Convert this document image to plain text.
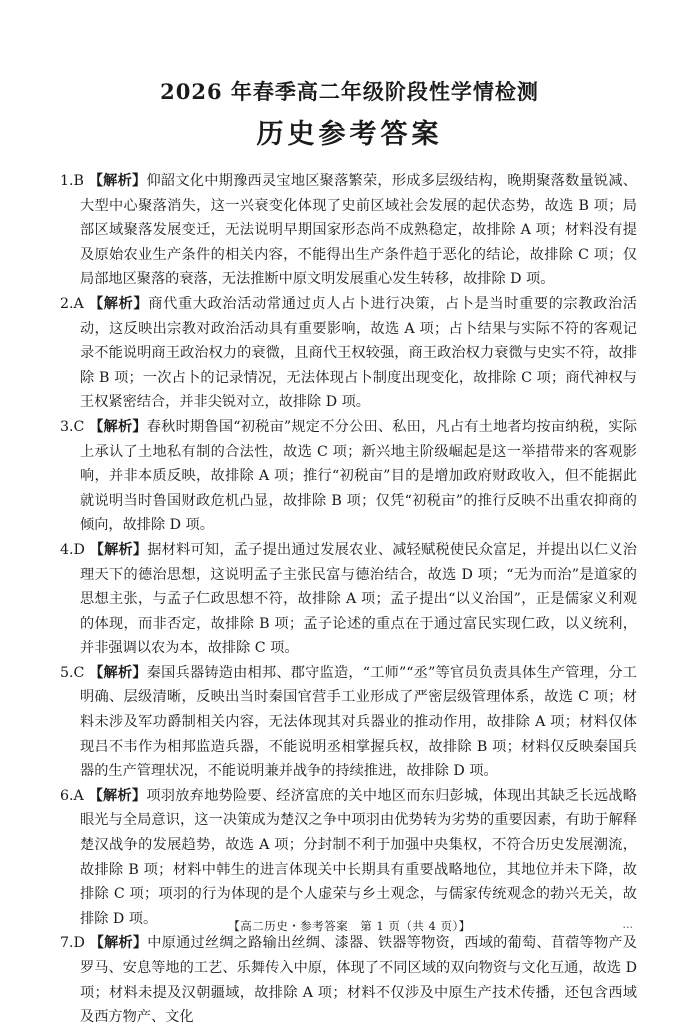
2026 年春季高二年级阶段性学情检测
历史参考答案
1.B 【解析】仰韶文化中期豫西灵宝地区聚落繁荣，形成多层级结构，晚期聚落数量锐减、大型中心聚落消失，这一兴衰变化体现了史前区域社会发展的起伏态势，故选 B 项；局部区域聚落发展变迁，无法说明早期国家形态尚不成熟稳定，故排除 A 项；材料没有提及原始农业生产条件的相关内容，不能得出生产条件趋于恶化的结论，故排除 C 项；仅局部地区聚落的衰落，无法推断中原文明发展重心发生转移，故排除 D 项。
2.A 【解析】商代重大政治活动常通过贞人占卜进行决策，占卜是当时重要的宗教政治活动，这反映出宗教对政治活动具有重要影响，故选 A 项；占卜结果与实际不符的客观记录不能说明商王政治权力的衰微，且商代王权较强，商王政治权力衰微与史实不符，故排除 B 项；一次占卜的记录情况，无法体现占卜制度出现变化，故排除 C 项；商代神权与王权紧密结合，并非尖锐对立，故排除 D 项。
3.C 【解析】春秋时期鲁国“初税亩”规定不分公田、私田，凡占有土地者均按亩纳税，实际上承认了土地私有制的合法性，故选 C 项；新兴地主阶级崛起是这一举措带来的客观影响，并非本质反映，故排除 A 项；推行“初税亩”目的是增加政府财政收入，但不能据此就说明当时鲁国财政危机凸显，故排除 B 项；仅凭“初税亩”的推行反映不出重农抑商的倾向，故排除 D 项。
4.D 【解析】据材料可知，孟子提出通过发展农业、减轻赋税使民众富足，并提出以仁义治理天下的德治思想，这说明孟子主张民富与德治结合，故选 D 项；“无为而治”是道家的思想主张，与孟子仁政思想不符，故排除 A 项；孟子提出“以义治国”，正是儒家义利观的体现，而非否定，故排除 B 项；孟子论述的重点在于通过富民实现仁政，以义统利，并非强调以农为本，故排除 C 项。
5.C 【解析】秦国兵器铸造由相邦、郡守监造，“工师”“丞”等官员负责具体生产管理，分工明确、层级清晰，反映出当时秦国官营手工业形成了严密层级管理体系，故选 C 项；材料未涉及军功爵制相关内容，无法体现其对兵器业的推动作用，故排除 A 项；材料仅体现吕不韦作为相邦监造兵器，不能说明丞相掌握兵权，故排除 B 项；材料仅反映秦国兵器的生产管理状况，不能说明兼并战争的持续推进，故排除 D 项。
6.A 【解析】项羽放弃地势险要、经济富庶的关中地区而东归彭城，体现出其缺乏长远战略眼光与全局意识，这一决策成为楚汉之争中项羽由优势转为劣势的重要因素，有助于解释楚汉战争的发展趋势，故选 A 项；分封制不利于加强中央集权，不符合历史发展潮流，故排除 B 项；材料中韩生的进言体现关中长期具有重要战略地位，其地位并未下降，故排除 C 项；项羽的行为体现的是个人虚荣与乡土观念，与儒家传统观念的勃兴无关，故排除 D 项。
7.D 【解析】中原通过丝绸之路输出丝绸、漆器、铁器等物资，西域的葡萄、苜蓿等物产及罗马、安息等地的工艺、乐舞传入中原，体现了不同区域的双向物资与文化互通，故选 D 项；材料未提及汉朝疆域，故排除 A 项；材料不仅涉及中原生产技术传播，还包含西域及西方物产、文化
【高二历史・参考答案　第 1 页（共 4 页）】	...
